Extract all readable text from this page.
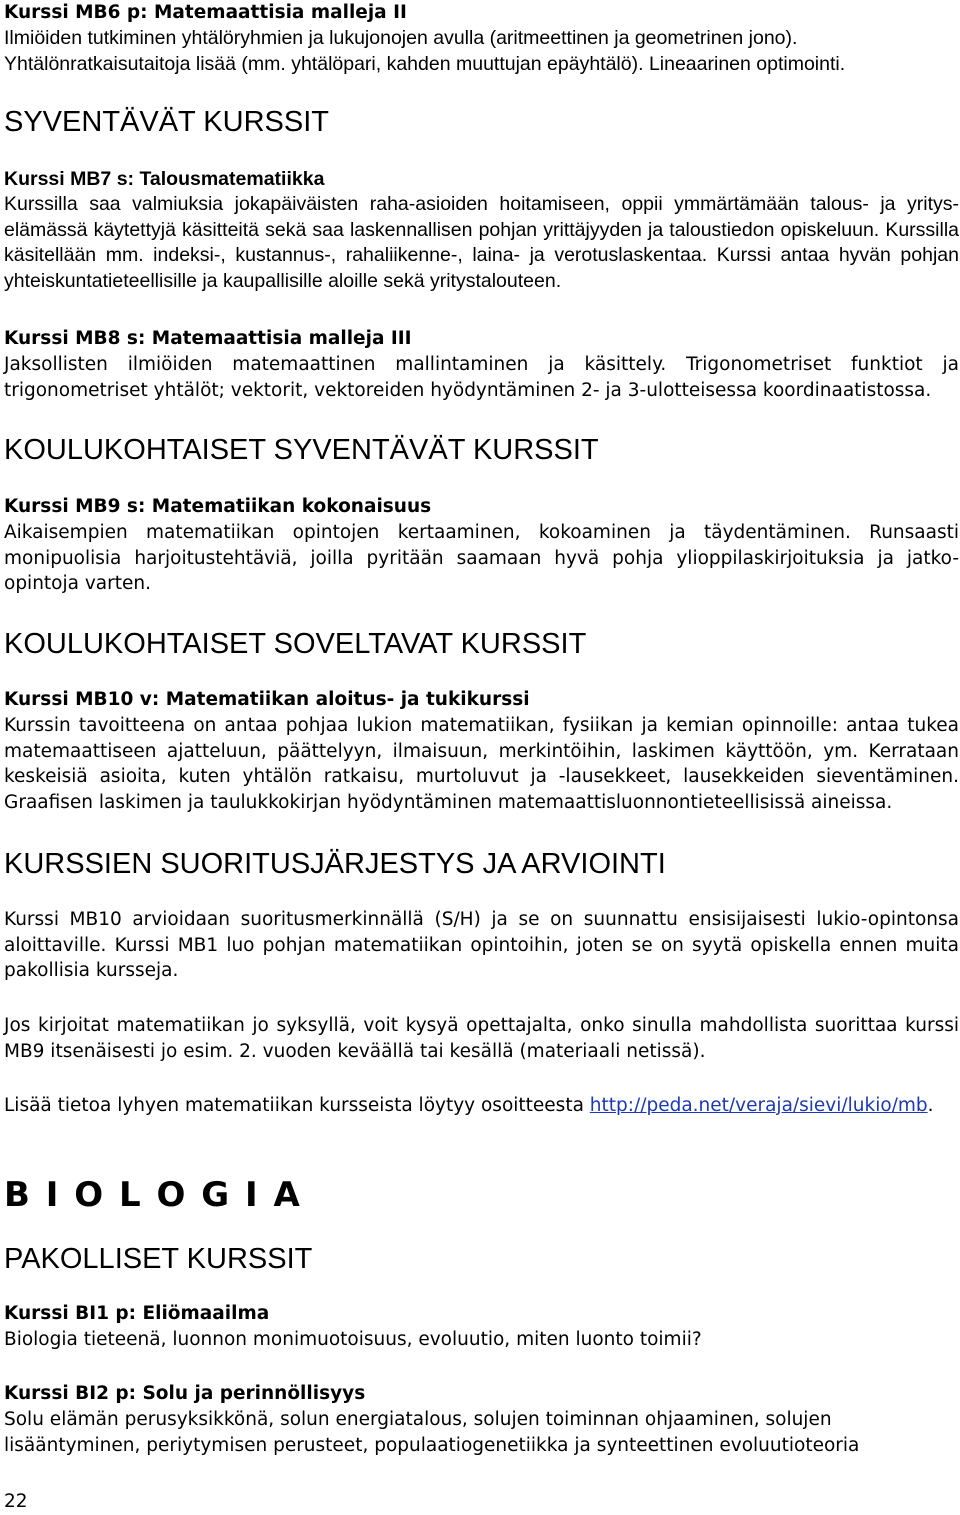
Kurssi MB6 p: Matemaattisia malleja II

Ilmiöiden tutkiminen yhtälöryhmien ja lukujonojen avulla (aritmeettinen ja geometrinen jono). Yhtälönratkaisutaitoja lisää (mm. yhtälöpari, kahden muuttujan epäyhtälö). Lineaarinen optimointi.

SYVENTÄVÄT KURSSIT

Kurssi MB7 s: Talousmatematiikka

Kurssilla saa valmiuksia jokapäiväisten raha-asioiden hoitamiseen, oppii ymmärtämään talous- ja yrityselämässä käytettyjä käsitteitä sekä saa laskennallisen pohjan yrittäjyyden ja taloustiedon opiskeluun. Kurssilla käsitellään mm. indeksi-, kustannus-, rahaliikenne-, laina- ja verotuslaskentaa. Kurssi antaa hyvän pohjan yhteiskuntatieteellisille ja kaupallisille aloille sekä yritystalouteen.

Kurssi MB8 s: Matemaattisia malleja III

Jaksollisten ilmiöiden matemaattinen mallintaminen ja käsittely. Trigonometriset funktiot ja trigonometriset yhtälöt; vektorit, vektoreiden hyödyntäminen 2- ja 3-ulotteisessa koordinaatistossa.

KOULUKOHTAISET SYVENTÄVÄT KURSSIT

Kurssi MB9 s: Matematiikan kokonaisuus

Aikaisempien matematiikan opintojen kertaaminen, kokoaminen ja täydentäminen. Runsaasti monipuolisia harjoitustehtäviä, joilla pyritään saamaan hyvä pohja ylioppilaskirjoituksia ja jatko-opintoja varten.

KOULUKOHTAISET SOVELTAVAT KURSSIT

Kurssi MB10 v: Matematiikan aloitus- ja tukikurssi

Kurssin tavoitteena on antaa pohjaa lukion matematiikan, fysiikan ja kemian opinnoille: antaa tukea matemaattiseen ajatteluun, päättelyyn, ilmaisuun, merkintöihin, laskimen käyttöön, ym. Kerrataan keskeisiä asioita, kuten yhtälön ratkaisu, murtoluvut ja -lausekkeet, lausekkeiden sieventäminen. Graafisen laskimen ja taulukkokirjan hyödyntäminen matemaattisluonnontieteellisissä aineissa.

KURSSIEN SUORITUSJÄRJESTYS JA ARVIOINTI

Kurssi MB10 arvioidaan suoritusmerkinnällä (S/H) ja se on suunnattu ensisijaisesti lukio-opintonsa aloittaville. Kurssi MB1 luo pohjan matematiikan opintoihin, joten se on syytä opiskella ennen muita pakollisia kursseja.

Jos kirjoitat matematiikan jo syksyllä, voit kysyä opettajalta, onko sinulla mahdollista suorittaa kurssi MB9 itsenäisesti jo esim. 2. vuoden keväällä tai kesällä (materiaali netissä).

Lisää tietoa lyhyen matematiikan kursseista löytyy osoitteesta http://peda.net/veraja/sievi/lukio/mb.

B I O L O G I A
PAKOLLISET KURSSIT

Kurssi BI1 p: Eliömaailma

Biologia tieteenä, luonnon monimuotoisuus, evoluutio, miten luonto toimii?

Kurssi BI2 p: Solu ja perinnöllisyys

Solu elämän perusyksikkönä, solun energiatalous, solujen toiminnan ohjaaminen, solujen lisääntyminen, periytymisen perusteet, populaatiogenetiikka ja synteettinen evoluutioteoria

22
